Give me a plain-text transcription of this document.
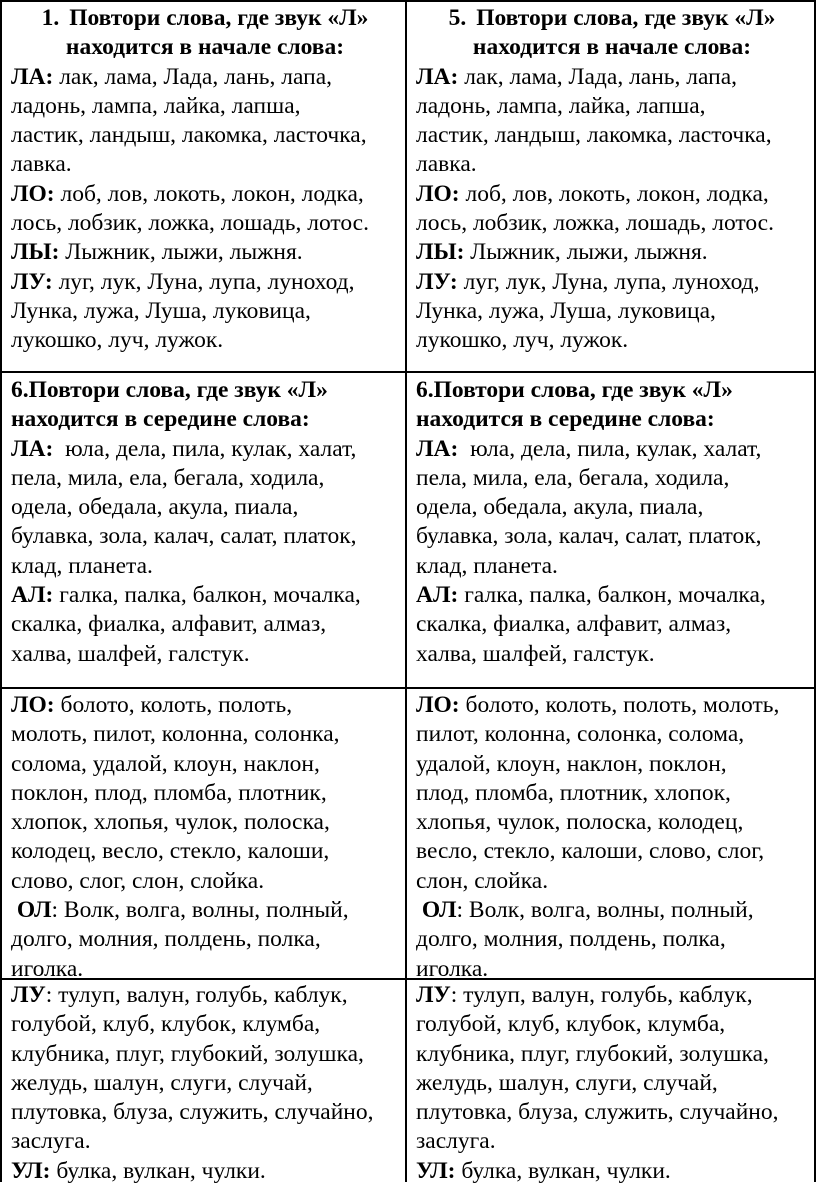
1. Повтори слова, где звук «Л»
находится в начале слова:
ЛА: лак, лама, Лада, лань, лапа,
ладонь, лампа, лайка, лапша,
ластик, ландыш, лакомка, ласточка,
лавка.
ЛО: лоб, лов, локоть, локон, лодка,
лось, лобзик, ложка, лошадь, лотос.
ЛЫ: Лыжник, лыжи, лыжня.
ЛУ: луг, лук, Луна, лупа, луноход,
Лунка, лужа, Луша, луковица,
лукошко, луч, лужок.
5. Повтори слова, где звук «Л»
находится в начале слова:
ЛА: лак, лама, Лада, лань, лапа,
ладонь, лампа, лайка, лапша,
ластик, ландыш, лакомка, ласточка,
лавка.
ЛО: лоб, лов, локоть, локон, лодка,
лось, лобзик, ложка, лошадь, лотос.
ЛЫ: Лыжник, лыжи, лыжня.
ЛУ: луг, лук, Луна, лупа, луноход,
Лунка, лужа, Луша, луковица,
лукошко, луч, лужок.
6.Повтори слова, где звук «Л»
находится в середине слова:
ЛА:  юла, дела, пила, кулак, халат,
пела, мила, ела, бегала, ходила,
одела, обедала, акула, пиала,
булавка, зола, калач, салат, платок,
клад, планета.
АЛ: галка, палка, балкон, мочалка,
скалка, фиалка, алфавит, алмаз,
халва, шалфей, галстук.
6.Повтори слова, где звук «Л»
находится в середине слова:
ЛА:  юла, дела, пила, кулак, халат,
пела, мила, ела, бегала, ходила,
одела, обедала, акула, пиала,
булавка, зола, калач, салат, платок,
клад, планета.
АЛ: галка, палка, балкон, мочалка,
скалка, фиалка, алфавит, алмаз,
халва, шалфей, галстук.
ЛО: болото, колоть, полоть,
молоть, пилот, колонна, солонка,
солома, удалой, клоун, наклон,
поклон, плод, пломба, плотник,
хлопок, хлопья, чулок, полоска,
колодец, весло, стекло, калоши,
слово, слог, слон, слойка.
ОЛ: Волк, волга, волны, полный,
долго, молния, полдень, полка,
иголка.
ЛО: болото, колоть, полоть, молоть,
пилот, колонна, солонка, солома,
удалой, клоун, наклон, поклон,
плод, пломба, плотник, хлопок,
хлопья, чулок, полоска, колодец,
весло, стекло, калоши, слово, слог,
слон, слойка.
ОЛ: Волк, волга, волны, полный,
долго, молния, полдень, полка,
иголка.
ЛУ: тулуп, валун, голубь, каблук,
голубой, клуб, клубок, клумба,
клубника, плуг, глубокий, золушка,
желудь, шалун, слуги, случай,
плутовка, блуза, служить, случайно,
заслуга.
УЛ: булка, вулкан, чулки.
ЛУ: тулуп, валун, голубь, каблук,
голубой, клуб, клубок, клумба,
клубника, плуг, глубокий, золушка,
желудь, шалун, слуги, случай,
плутовка, блуза, служить, случайно,
заслуга.
УЛ: булка, вулкан, чулки.
